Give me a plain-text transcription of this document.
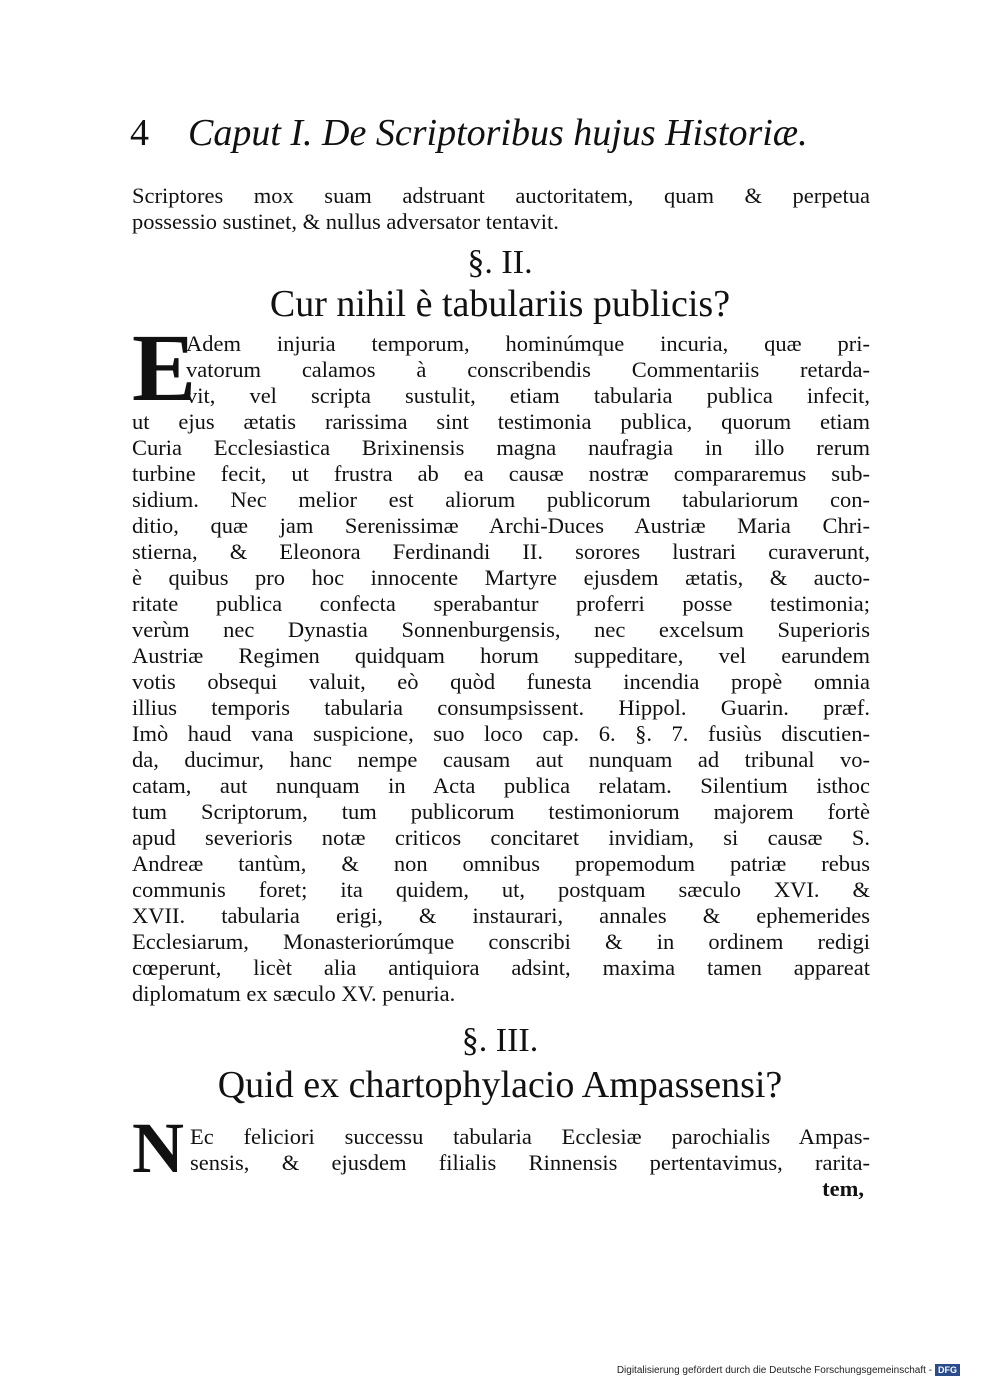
4 Caput I. De Scriptoribus hujus Historiæ.
Scriptores mox suam adstruant auctoritatem, quam & perpetua
possessio sustinet, & nullus adversator tentavit.
§. II.
Cur nihil è tabulariis publicis?
E
Adem injuria temporum, hominúmque incuria, quæ pri-
vatorum calamos à conscribendis Commentariis retarda-
vit, vel scripta sustulit, etiam tabularia publica infecit,
ut ejus ætatis rarissima sint testimonia publica, quorum etiam
Curia Ecclesiastica Brixinensis magna naufragia in illo rerum
turbine fecit, ut frustra ab ea causæ nostræ compararemus sub-
sidium. Nec melior est aliorum publicorum tabulariorum con-
ditio, quæ jam Serenissimæ Archi-Duces Austriæ Maria Chri-
stierna, & Eleonora Ferdinandi II. sorores lustrari curaverunt,
è quibus pro hoc innocente Martyre ejusdem ætatis, & aucto-
ritate publica confecta sperabantur proferri posse testimonia;
verùm nec Dynastia Sonnenburgensis, nec excelsum Superioris
Austriæ Regimen quidquam horum suppeditare, vel earundem
votis obsequi valuit, eò quòd funesta incendia propè omnia
illius temporis tabularia consumpsissent. Hippol. Guarin. præf.
Imò haud vana suspicione, suo loco cap. 6. §. 7. fusiùs discutien-
da, ducimur, hanc nempe causam aut nunquam ad tribunal vo-
catam, aut nunquam in Acta publica relatam. Silentium isthoc
tum Scriptorum, tum publicorum testimoniorum majorem fortè
apud severioris notæ criticos concitaret invidiam, si causæ S.
Andreæ tantùm, & non omnibus propemodum patriæ rebus
communis foret; ita quidem, ut, postquam sæculo XVI. &
XVII. tabularia erigi, & instaurari, annales & ephemerides
Ecclesiarum, Monasteriorúmque conscribi & in ordinem redigi
cœperunt, licèt alia antiquiora adsint, maxima tamen appareat
diplomatum ex sæculo XV. penuria.
§. III.
Quid ex chartophylacio Ampassensi?
N Ec feliciori successu tabularia Ecclesiæ parochialis Ampas-
sensis, & ejusdem filialis Rinnensis pertentavimus, rarita-
tem,
Digitalisierung gefördert durch die Deutsche Forschungsgemeinschaft - DFG
